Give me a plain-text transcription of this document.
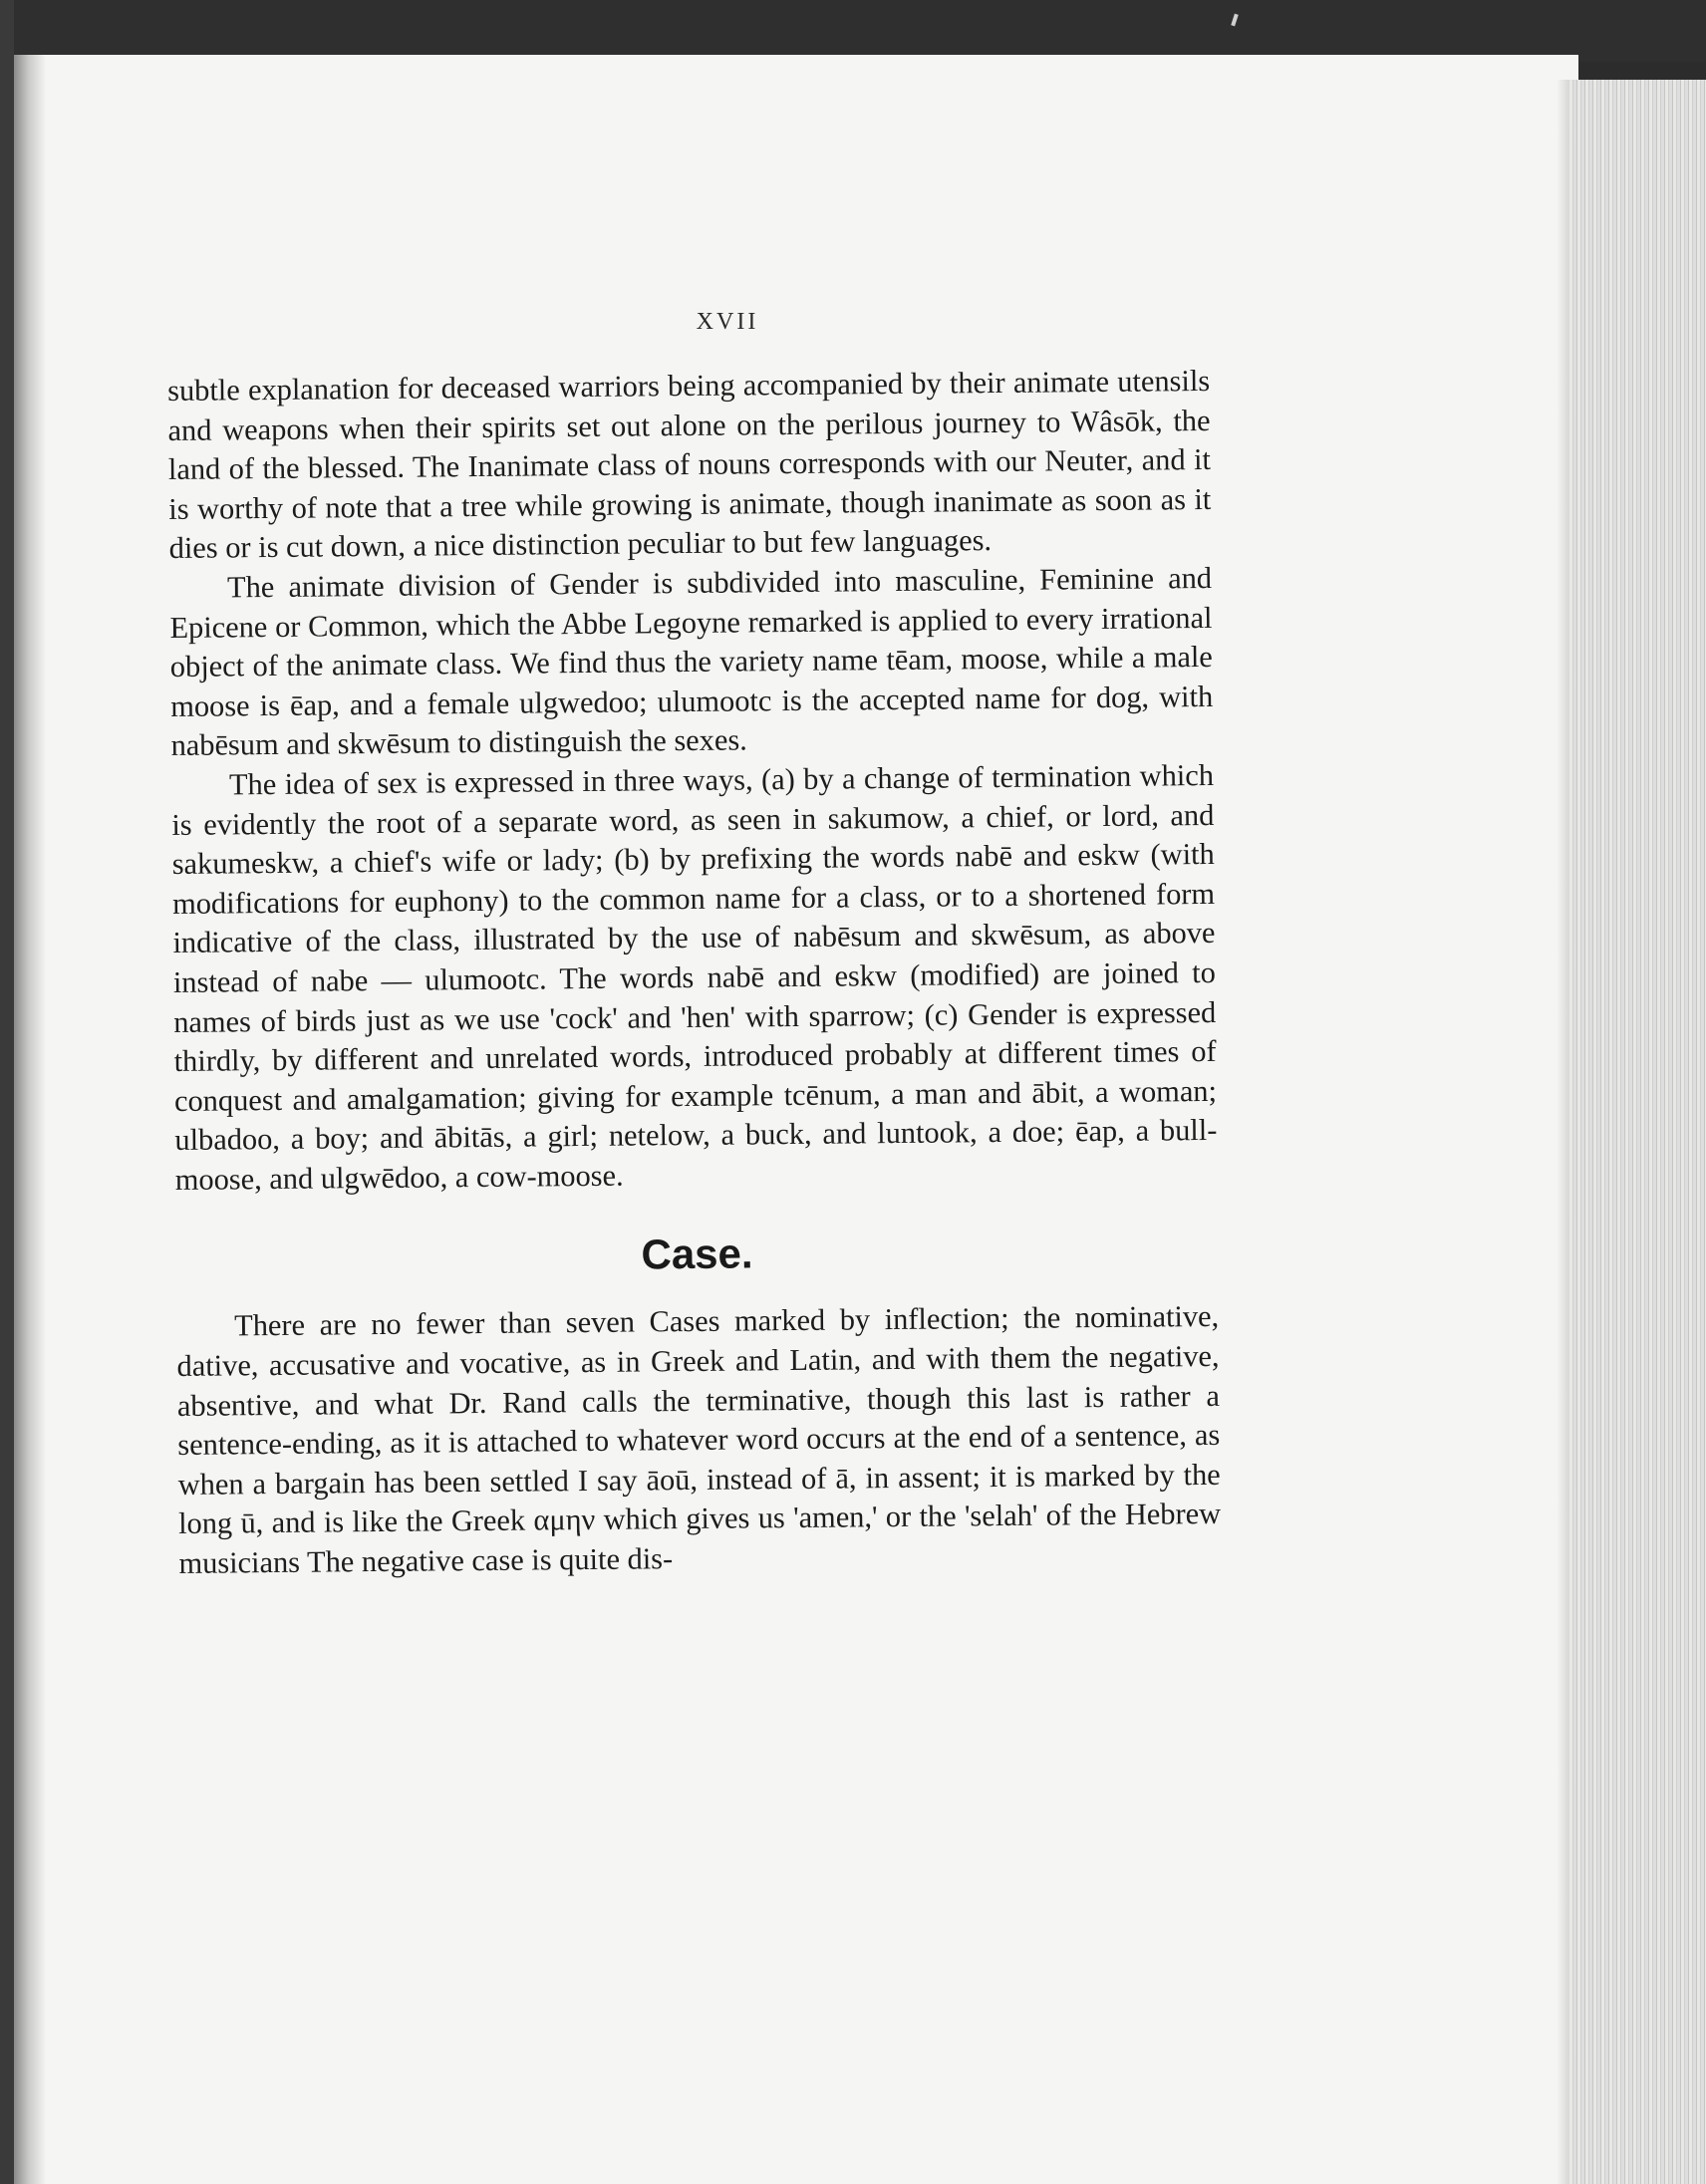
XVII

subtle explanation for deceased warriors being accompanied by their animate utensils and weapons when their spirits set out alone on the perilous journey to Wâsōk, the land of the blessed. The Inanimate class of nouns corresponds with our Neuter, and it is worthy of note that a tree while growing is animate, though inanimate as soon as it dies or is cut down, a nice distinction peculiar to but few languages.

The animate division of Gender is subdivided into masculine, Feminine and Epicene or Common, which the Abbe Legoyne remarked is applied to every irrational object of the animate class. We find thus the variety name tēam, moose, while a male moose is ēap, and a female ulgwedoo; ulumootc is the accepted name for dog, with nabēsum and skwēsum to distinguish the sexes.

The idea of sex is expressed in three ways, (a) by a change of termination which is evidently the root of a separate word, as seen in sakumow, a chief, or lord, and sakumeskw, a chief's wife or lady; (b) by prefixing the words nabē and eskw (with modifications for euphony) to the common name for a class, or to a shortened form indicative of the class, illustrated by the use of nabēsum and skwēsum, as above instead of nabe — ulumootc. The words nabē and eskw (modified) are joined to names of birds just as we use 'cock' and 'hen' with sparrow; (c) Gender is expressed thirdly, by different and unrelated words, introduced probably at different times of conquest and amalgamation; giving for example tcēnum, a man and ābit, a woman; ulbadoo, a boy; and ābitās, a girl; netelow, a buck, and luntook, a doe; ēap, a bull-moose, and ulgwēdoo, a cow-moose.

Case.

There are no fewer than seven Cases marked by inflection; the nominative, dative, accusative and vocative, as in Greek and Latin, and with them the negative, absentive, and what Dr. Rand calls the terminative, though this last is rather a sentence-ending, as it is attached to whatever word occurs at the end of a sentence, as when a bargain has been settled I say āoū, instead of ā, in assent; it is marked by the long ū, and is like the Greek αμην which gives us 'amen,' or the 'selah' of the Hebrew musicians The negative case is quite dis-
